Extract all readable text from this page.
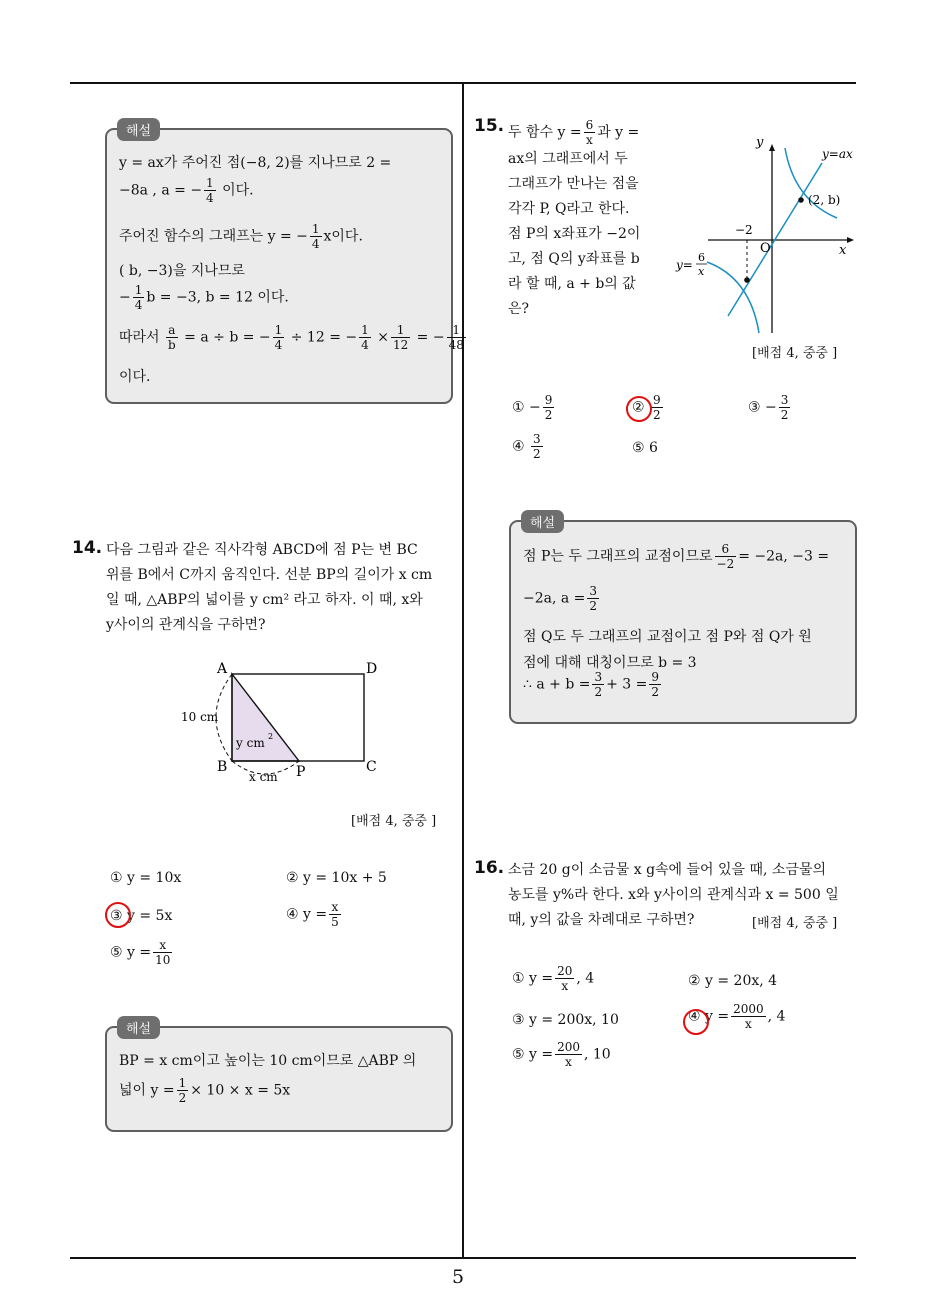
5
해설
y = ax가 주어진 점(−8, 2)를 지나므로 2 =
−8a , a = − $\frac{1}{4}$ 이다.
주어진 함수의 그래프는 y = − $\frac{1}{4}$ x이다.
( b, −3)을 지나므로
− $\frac{1}{4}$ b = −3, b = 12 이다.
따라서 $\frac{a}{b} = a \div b$ = − $\frac{1}{4} \div 12$ = − $\frac{1}{4} \times \frac{1}{12}$ = − $\frac{1}{48}$
이다.
14. 다음 그림과 같은 직사각형 ABCD에 점 P는 변 BC
위를 B에서 C까지 움직인다. 선분 BP의 길이가 x cm
일 때, △ABP의 넓이를 y cm² 라고 하자. 이 때, x와
y사이의 관계식을 구하면?
A	D
B	C
P
10 cm
y cm 2
x cm
[배점 4, 중중 ]
① y = 10x	② y = 10x + 5
③ y = 5x	④ $y = \frac{x}{5}$
⑤ $y = \frac{x}{10}$
해설
BP = x cm이고 높이는 10 cm이므로 △ABP 의
넓이 $y = \frac{1}{2} \times 10 \times x = 5x$
15. 두 함수 $y = \frac{6}{x}$ 과 y =
ax의 그래프에서 두
그래프가 만나는 점을
각각 P, Q라고 한다.
점 P의 x좌표가 −2이
고, 점 Q의 y좌표를 b
라 할 때, a + b의 값
은?
y
x
y=ax
(2, b)
−2
O
y=
6
x
[배점 4, 중중 ]
① − $\frac{9}{2}$	② $\frac{9}{2}$	③ − $\frac{3}{2}$
④ $\frac{3}{2}$	⑤ 6
해설
점 P는 두 그래프의 교점이므로 $\frac{6}{-2} = -2a$, −3 =
−2a, $a = \frac{3}{2}$
점 Q도 두 그래프의 교점이고 점 P와 점 Q가 원
점에 대해 대칭이므로 b = 3
∴ $a + b = \frac{3}{2} + 3 = \frac{9}{2}$
16. 소금 20 g이 소금물 x g속에 들어 있을 때, 소금물의
농도를 y%라 한다. x와 y사이의 관계식과 x = 500 일
때, y의 값을 차례대로 구하면?	[배점 4, 중중 ]
① $y = \frac{20}{x}$ , 4	② y = 20x, 4
③ y = 200x, 10	④ $y = \frac{2000}{x}$ , 4
⑤ $y = \frac{200}{x}$ , 10
